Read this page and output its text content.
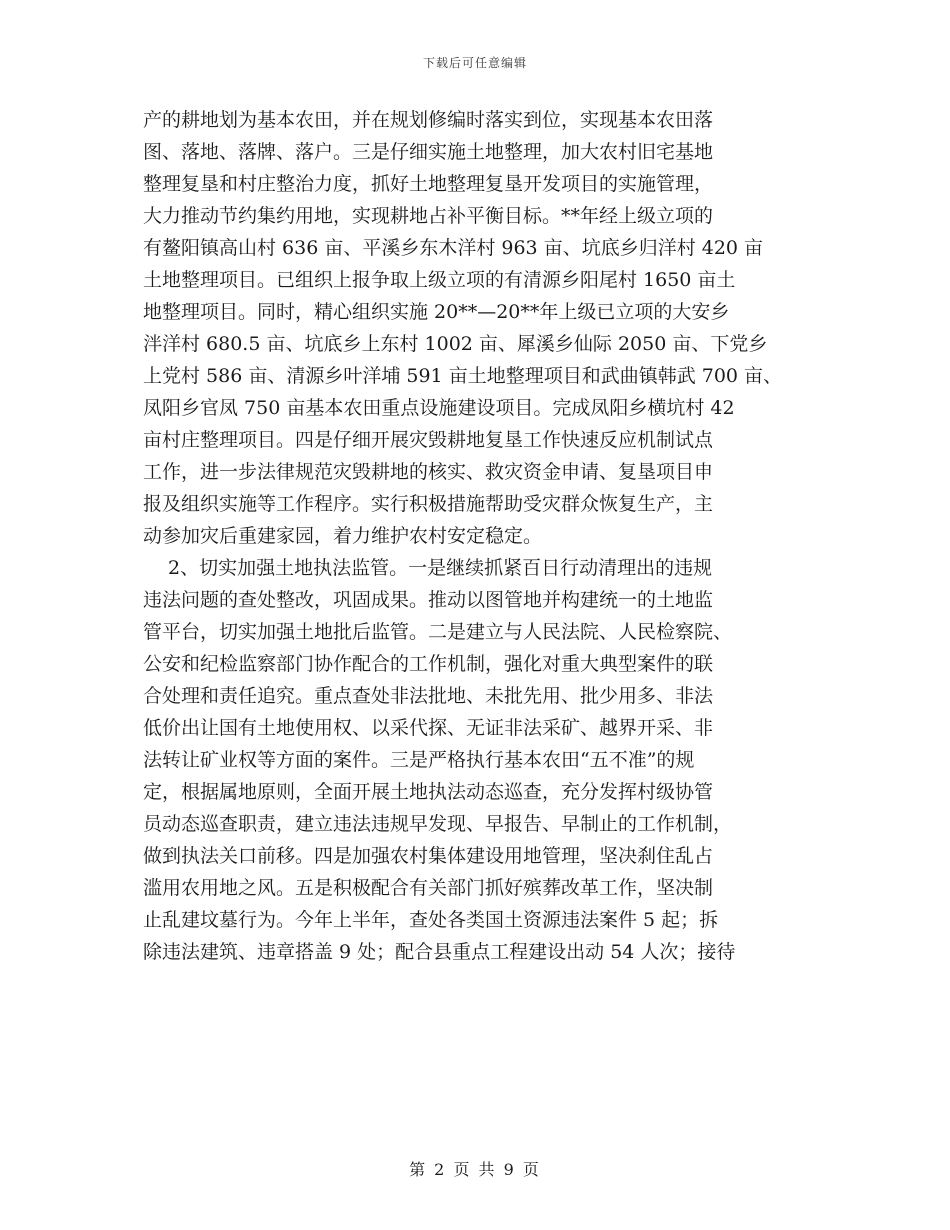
下载后可任意编辑
产的耕地划为基本农田，并在规划修编时落实到位，实现基本农田落
图、落地、落牌、落户。三是仔细实施土地整理，加大农村旧宅基地
整理复垦和村庄整治力度，抓好土地整理复垦开发项目的实施管理，
大力推动节约集约用地，实现耕地占补平衡目标。**年经上级立项的
有鳌阳镇高山村 636 亩、平溪乡东木洋村 963 亩、坑底乡归洋村 420 亩
土地整理项目。已组织上报争取上级立项的有清源乡阳尾村 1650 亩土
地整理项目。同时，精心组织实施 20**—20**年上级已立项的大安乡
泮洋村 680.5 亩、坑底乡上东村 1002 亩、犀溪乡仙际 2050 亩、下党乡
上党村 586 亩、清源乡叶洋埔 591 亩土地整理项目和武曲镇韩武 700 亩、
凤阳乡官凤 750 亩基本农田重点设施建设项目。完成凤阳乡横坑村 42
亩村庄整理项目。四是仔细开展灾毁耕地复垦工作快速反应机制试点
工作，进一步法律规范灾毁耕地的核实、救灾资金申请、复垦项目申
报及组织实施等工作程序。实行积极措施帮助受灾群众恢复生产，主
动参加灾后重建家园，着力维护农村安定稳定。
2、切实加强土地执法监管。一是继续抓紧百日行动清理出的违规
违法问题的查处整改，巩固成果。推动以图管地并构建统一的土地监
管平台，切实加强土地批后监管。二是建立与人民法院、人民检察院、
公安和纪检监察部门协作配合的工作机制，强化对重大典型案件的联
合处理和责任追究。重点查处非法批地、未批先用、批少用多、非法
低价出让国有土地使用权、以采代探、无证非法采矿、越界开采、非
法转让矿业权等方面的案件。三是严格执行基本农田“五不准”的规
定，根据属地原则，全面开展土地执法动态巡查，充分发挥村级协管
员动态巡查职责，建立违法违规早发现、早报告、早制止的工作机制，
做到执法关口前移。四是加强农村集体建设用地管理，坚决刹住乱占
滥用农用地之风。五是积极配合有关部门抓好殡葬改革工作，坚决制
止乱建坟墓行为。今年上半年，查处各类国土资源违法案件 5 起；拆
除违法建筑、违章搭盖 9 处；配合县重点工程建设出动 54 人次；接待
第 2 页 共 9 页
